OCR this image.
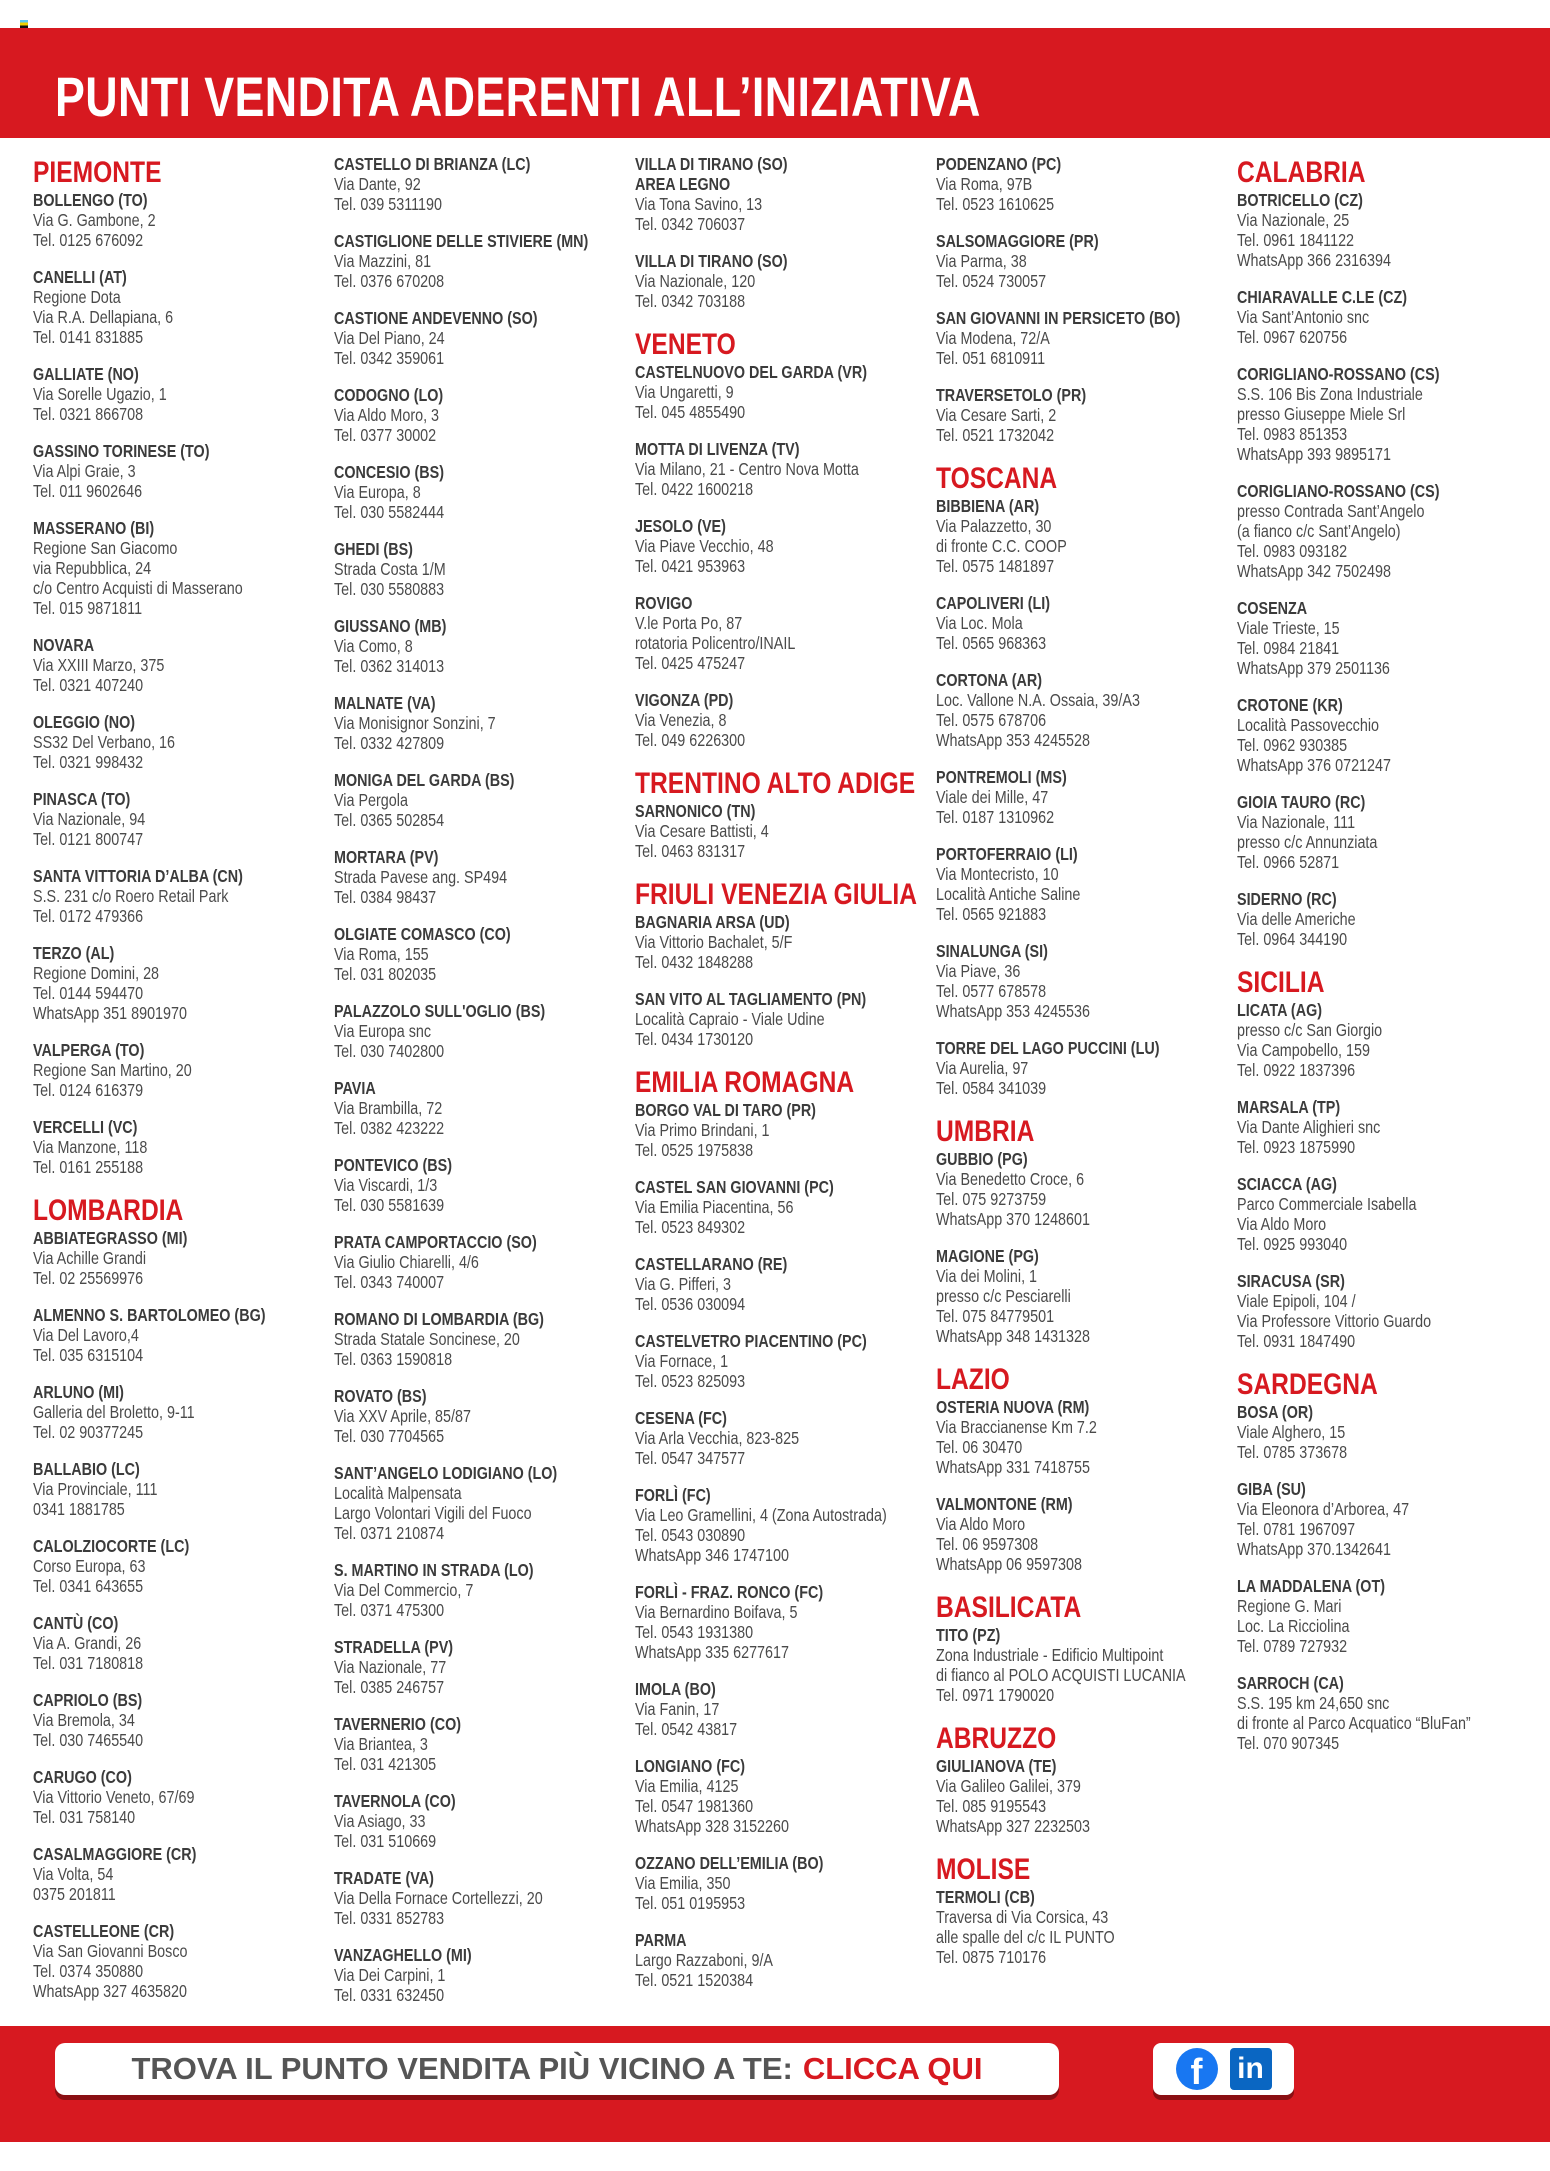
PUNTI VENDITA ADERENTI ALL’INIZIATIVA
PIEMONTE
BOLLENGO (TO)
Via G. Gambone, 2
Tel. 0125 676092
CANELLI (AT)
Regione Dota
Via R.A. Dellapiana, 6
Tel. 0141 831885
GALLIATE (NO)
Via Sorelle Ugazio, 1
Tel. 0321 866708
GASSINO TORINESE (TO)
Via Alpi Graie, 3
Tel. 011 9602646
MASSERANO (BI)
Regione San Giacomo
via Repubblica, 24
c/o Centro Acquisti di Masserano
Tel. 015 9871811
NOVARA
Via XXIII Marzo, 375
Tel. 0321 407240
OLEGGIO (NO)
SS32 Del Verbano, 16
Tel. 0321 998432
PINASCA (TO)
Via Nazionale, 94
Tel. 0121 800747
SANTA VITTORIA D’ALBA (CN)
S.S. 231 c/o Roero Retail Park
Tel. 0172 479366
TERZO (AL)
Regione Domini, 28
Tel. 0144 594470
WhatsApp 351 8901970
VALPERGA (TO)
Regione San Martino, 20
Tel. 0124 616379
VERCELLI (VC)
Via Manzone, 118
Tel. 0161 255188
LOMBARDIA
ABBIATEGRASSO (MI)
Via Achille Grandi
Tel. 02 25569976
ALMENNO S. BARTOLOMEO (BG)
Via Del Lavoro,4
Tel. 035 6315104
ARLUNO (MI)
Galleria del Broletto, 9-11
Tel. 02 90377245
BALLABIO (LC)
Via Provinciale, 111
0341 1881785
CALOLZIOCORTE (LC)
Corso Europa, 63
Tel. 0341 643655
CANTÙ (CO)
Via A. Grandi, 26
Tel. 031 7180818
CAPRIOLO (BS)
Via Bremola, 34
Tel. 030 7465540
CARUGO (CO)
Via Vittorio Veneto, 67/69
Tel. 031 758140
CASALMAGGIORE (CR)
Via Volta, 54
0375 201811
CASTELLEONE (CR)
Via San Giovanni Bosco
Tel. 0374 350880
WhatsApp 327 4635820
CASTELLO DI BRIANZA (LC)
Via Dante, 92
Tel. 039 5311190
CASTIGLIONE DELLE STIVIERE (MN)
Via Mazzini, 81
Tel. 0376 670208
CASTIONE ANDEVENNO (SO)
Via Del Piano, 24
Tel. 0342 359061
CODOGNO (LO)
Via Aldo Moro, 3
Tel. 0377 30002
CONCESIO (BS)
Via Europa, 8
Tel. 030 5582444
GHEDI (BS)
Strada Costa 1/M
Tel. 030 5580883
GIUSSANO (MB)
Via Como, 8
Tel. 0362 314013
MALNATE (VA)
Via Monisignor Sonzini, 7
Tel. 0332 427809
MONIGA DEL GARDA (BS)
Via Pergola
Tel. 0365 502854
MORTARA (PV)
Strada Pavese ang. SP494
Tel. 0384 98437
OLGIATE COMASCO (CO)
Via Roma, 155
Tel. 031 802035
PALAZZOLO SULL'OGLIO (BS)
Via Europa snc
Tel. 030 7402800
PAVIA
Via Brambilla, 72
Tel. 0382 423222
PONTEVICO (BS)
Via Viscardi, 1/3
Tel. 030 5581639
PRATA CAMPORTACCIO (SO)
Via Giulio Chiarelli, 4/6
Tel. 0343 740007
ROMANO DI LOMBARDIA (BG)
Strada Statale Soncinese, 20
Tel. 0363 1590818
ROVATO (BS)
Via XXV Aprile, 85/87
Tel. 030 7704565
SANT’ANGELO LODIGIANO (LO)
Località Malpensata
Largo Volontari Vigili del Fuoco
Tel. 0371 210874
S. MARTINO IN STRADA (LO)
Via Del Commercio, 7
Tel. 0371 475300
STRADELLA (PV)
Via Nazionale, 77
Tel. 0385 246757
TAVERNERIO (CO)
Via Briantea, 3
Tel. 031 421305
TAVERNOLA (CO)
Via Asiago, 33
Tel. 031 510669
TRADATE (VA)
Via Della Fornace Cortellezzi, 20
Tel. 0331 852783
VANZAGHELLO (MI)
Via Dei Carpini, 1
Tel. 0331 632450
VILLA DI TIRANO (SO)
AREA LEGNO
Via Tona Savino, 13
Tel. 0342 706037
VILLA DI TIRANO (SO)
Via Nazionale, 120
Tel. 0342 703188
VENETO
CASTELNUOVO DEL GARDA (VR)
Via Ungaretti, 9
Tel. 045 4855490
MOTTA DI LIVENZA (TV)
Via Milano, 21 - Centro Nova Motta
Tel. 0422 1600218
JESOLO (VE)
Via Piave Vecchio, 48
Tel. 0421 953963
ROVIGO
V.le Porta Po, 87
rotatoria Policentro/INAIL
Tel. 0425 475247
VIGONZA (PD)
Via Venezia, 8
Tel. 049 6226300
TRENTINO ALTO ADIGE
SARNONICO (TN)
Via Cesare Battisti, 4
Tel. 0463 831317
FRIULI VENEZIA GIULIA
BAGNARIA ARSA (UD)
Via Vittorio Bachalet, 5/F
Tel. 0432 1848288
SAN VITO AL TAGLIAMENTO (PN)
Località Capraio - Viale Udine
Tel. 0434 1730120
EMILIA ROMAGNA
BORGO VAL DI TARO (PR)
Via Primo Brindani, 1
Tel. 0525 1975838
CASTEL SAN GIOVANNI (PC)
Via Emilia Piacentina, 56
Tel. 0523 849302
CASTELLARANO (RE)
Via G. Pifferi, 3
Tel. 0536 030094
CASTELVETRO PIACENTINO (PC)
Via Fornace, 1
Tel. 0523 825093
CESENA (FC)
Via Arla Vecchia, 823-825
Tel. 0547 347577
FORLÌ (FC)
Via Leo Gramellini, 4 (Zona Autostrada)
Tel. 0543 030890
WhatsApp 346 1747100
FORLÌ - FRAZ. RONCO (FC)
Via Bernardino Boifava, 5
Tel. 0543 1931380
WhatsApp 335 6277617
IMOLA (BO)
Via Fanin, 17
Tel. 0542 43817
LONGIANO (FC)
Via Emilia, 4125
Tel. 0547 1981360
WhatsApp 328 3152260
OZZANO DELL’EMILIA (BO)
Via Emilia, 350
Tel. 051 0195953
PARMA
Largo Razzaboni, 9/A
Tel. 0521 1520384
PODENZANO (PC)
Via Roma, 97B
Tel. 0523 1610625
SALSOMAGGIORE (PR)
Via Parma, 38
Tel. 0524 730057
SAN GIOVANNI IN PERSICETO (BO)
Via Modena, 72/A
Tel. 051 6810911
TRAVERSETOLO (PR)
Via Cesare Sarti, 2
Tel. 0521 1732042
TOSCANA
BIBBIENA (AR)
Via Palazzetto, 30
di fronte C.C. COOP
Tel. 0575 1481897
CAPOLIVERI (LI)
Via Loc. Mola
Tel. 0565 968363
CORTONA (AR)
Loc. Vallone N.A. Ossaia, 39/A3
Tel. 0575 678706
WhatsApp 353 4245528
PONTREMOLI (MS)
Viale dei Mille, 47
Tel. 0187 1310962
PORTOFERRAIO (LI)
Via Montecristo, 10
Località Antiche Saline
Tel. 0565 921883
SINALUNGA (SI)
Via Piave, 36
Tel. 0577 678578
WhatsApp 353 4245536
TORRE DEL LAGO PUCCINI (LU)
Via Aurelia, 97
Tel. 0584 341039
UMBRIA
GUBBIO (PG)
Via Benedetto Croce, 6
Tel. 075 9273759
WhatsApp 370 1248601
MAGIONE (PG)
Via dei Molini, 1
presso c/c Pesciarelli
Tel. 075 84779501
WhatsApp 348 1431328
LAZIO
OSTERIA NUOVA (RM)
Via Braccianense Km 7.2
Tel. 06 30470
WhatsApp 331 7418755
VALMONTONE (RM)
Via Aldo Moro
Tel. 06 9597308
WhatsApp 06 9597308
BASILICATA
TITO (PZ)
Zona Industriale - Edificio Multipoint
di fianco al POLO ACQUISTI LUCANIA
Tel. 0971 1790020
ABRUZZO
GIULIANOVA (TE)
Via Galileo Galilei, 379
Tel. 085 9195543
WhatsApp 327 2232503
MOLISE
TERMOLI (CB)
Traversa di Via Corsica, 43
alle spalle del c/c IL PUNTO
Tel. 0875 710176
CALABRIA
BOTRICELLO (CZ)
Via Nazionale, 25
Tel. 0961 1841122
WhatsApp 366 2316394
CHIARAVALLE C.LE (CZ)
Via Sant’Antonio snc
Tel. 0967 620756
CORIGLIANO-ROSSANO (CS)
S.S. 106 Bis Zona Industriale
presso Giuseppe Miele Srl
Tel. 0983 851353
WhatsApp 393 9895171
CORIGLIANO-ROSSANO (CS)
presso Contrada Sant’Angelo
(a fianco c/c Sant’Angelo)
Tel. 0983 093182
WhatsApp 342 7502498
COSENZA
Viale Trieste, 15
Tel. 0984 21841
WhatsApp 379 2501136
CROTONE (KR)
Località Passovecchio
Tel. 0962 930385
WhatsApp 376 0721247
GIOIA TAURO (RC)
Via Nazionale, 111
presso c/c Annunziata
Tel. 0966 52871
SIDERNO (RC)
Via delle Americhe
Tel. 0964 344190
SICILIA
LICATA (AG)
presso c/c San Giorgio
Via Campobello, 159
Tel. 0922 1837396
MARSALA (TP)
Via Dante Alighieri snc
Tel. 0923 1875990
SCIACCA (AG)
Parco Commerciale Isabella
Via Aldo Moro
Tel. 0925 993040
SIRACUSA (SR)
Viale Epipoli, 104 /
Via Professore Vittorio Guardo
Tel. 0931 1847490
SARDEGNA
BOSA (OR)
Viale Alghero, 15
Tel. 0785 373678
GIBA (SU)
Via Eleonora d’Arborea, 47
Tel. 0781 1967097
WhatsApp 370.1342641
LA MADDALENA (OT)
Regione G. Mari
Loc. La Ricciolina
Tel. 0789 727932
SARROCH (CA)
S.S. 195 km 24,650 snc
di fronte al Parco Acquatico “BluFan”
Tel. 070 907345
TROVA IL PUNTO VENDITA PIÙ VICINO A TE: CLICCA QUI	f	in
